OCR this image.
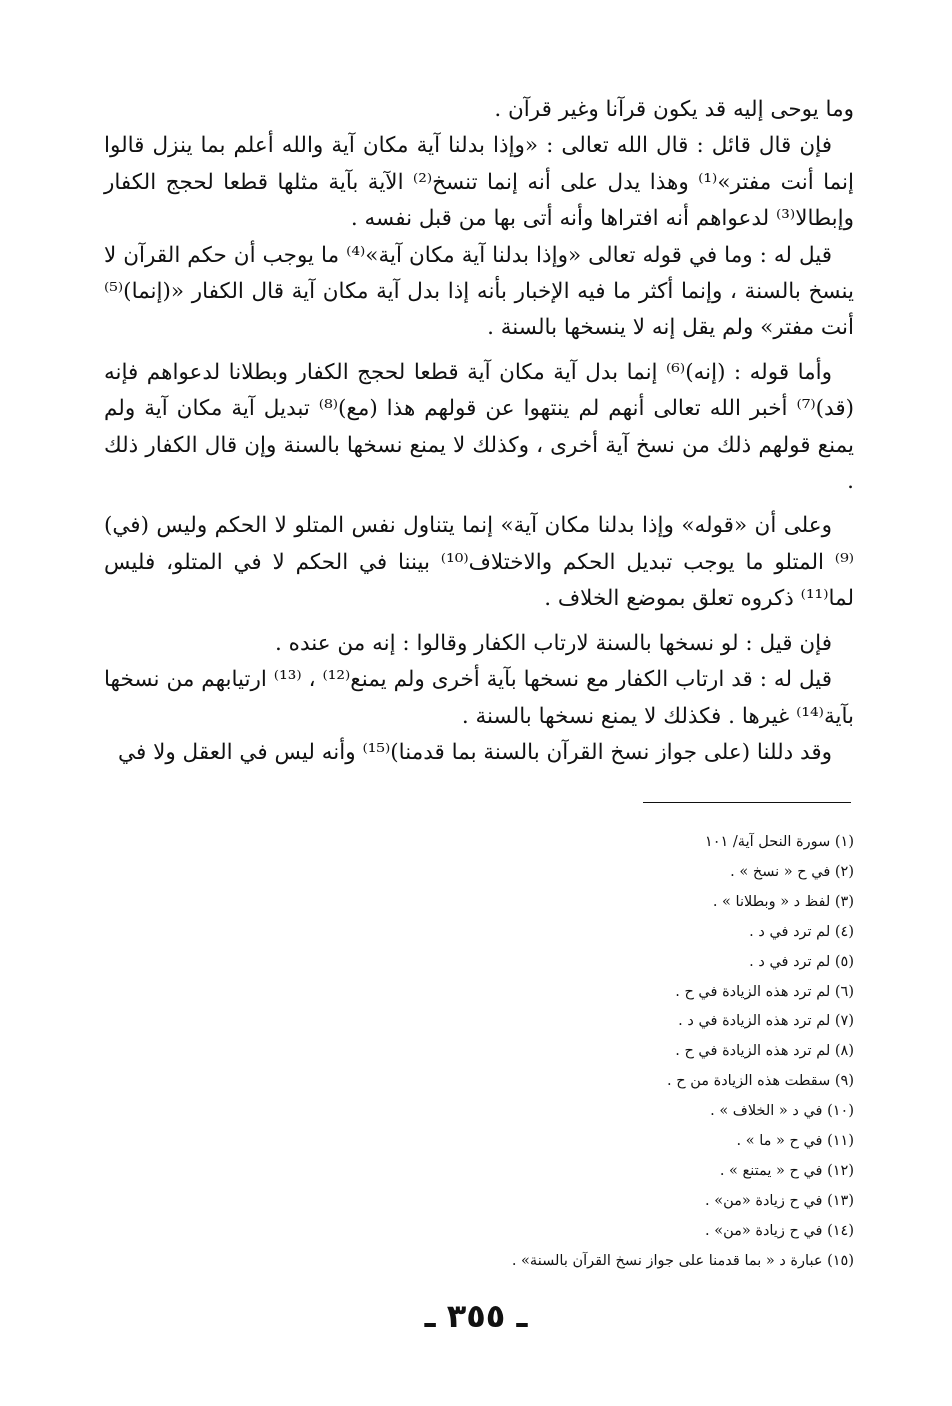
وما يوحى إليه قد يكون قرآنا وغير قرآن .

فإن قال قائل : قال الله تعالى : «وإذا بدلنا آية مكان آية والله أعلم بما ينزل قالوا إنما أنت مفتر»⁽¹⁾ وهذا يدل على أنه إنما تنسخ⁽²⁾ الآية بآية مثلها قطعا لحجج الكفار وإبطالا⁽³⁾ لدعواهم أنه افتراها وأنه أتى بها من قبل نفسه .

قيل له : وما في قوله تعالى «وإذا بدلنا آية مكان آية»⁽⁴⁾ ما يوجب أن حكم القرآن لا ينسخ بالسنة ، وإنما أكثر ما فيه الإخبار بأنه إذا بدل آية مكان آية قال الكفار «(إنما)⁽⁵⁾ أنت مفتر» ولم يقل إنه لا ينسخها بالسنة .

وأما قوله : (إنه)⁽⁶⁾ إنما بدل آية مكان آية قطعا لحجج الكفار وبطلانا لدعواهم فإنه (قد)⁽⁷⁾ أخبر الله تعالى أنهم لم ينتهوا عن قولهم هذا (مع)⁽⁸⁾ تبديل آية مكان آية ولم يمنع قولهم ذلك من نسخ آية أخرى ، وكذلك لا يمنع نسخها بالسنة وإن قال الكفار ذلك .

وعلى أن «قوله» وإذا بدلنا مكان آية» إنما يتناول نفس المتلو لا الحكم وليس (في)⁽⁹⁾ المتلو ما يوجب تبديل الحكم والاختلاف⁽¹⁰⁾ بيننا في الحكم لا في المتلو، فليس لما⁽¹¹⁾ ذكروه تعلق بموضع الخلاف .

فإن قيل : لو نسخها بالسنة لارتاب الكفار وقالوا : إنه من عنده .

قيل له : قد ارتاب الكفار مع نسخها بآية أخرى ولم يمنع⁽¹²⁾ ، ⁽¹³⁾ ارتيابهم من نسخها بآية⁽¹⁴⁾ غيرها . فكذلك لا يمنع نسخها بالسنة .

وقد دللنا (على جواز نسخ القرآن بالسنة بما قدمنا)⁽¹⁵⁾ وأنه ليس في العقل ولا في

(١) سورة النحل آية/ ١٠١
(٢) في ح « نسخ » .
(٣) لفظ د « وبطلانا » .
(٤) لم ترد في د .
(٥) لم ترد في د .
(٦) لم ترد هذه الزيادة في ح .
(٧) لم ترد هذه الزيادة في د .
(٨) لم ترد هذه الزيادة في ح .
(٩) سقطت هذه الزيادة من ح .
(١٠) في د « الخلاف » .
(١١) في ح « ما » .
(١٢) في ح « يمتنع » .
(١٣) في ح زيادة «من» .
(١٤) في ح زيادة «من» .
(١٥) عبارة د « بما قدمنا على جواز نسخ القرآن بالسنة» .
ـ ٣٥٥ ـ
